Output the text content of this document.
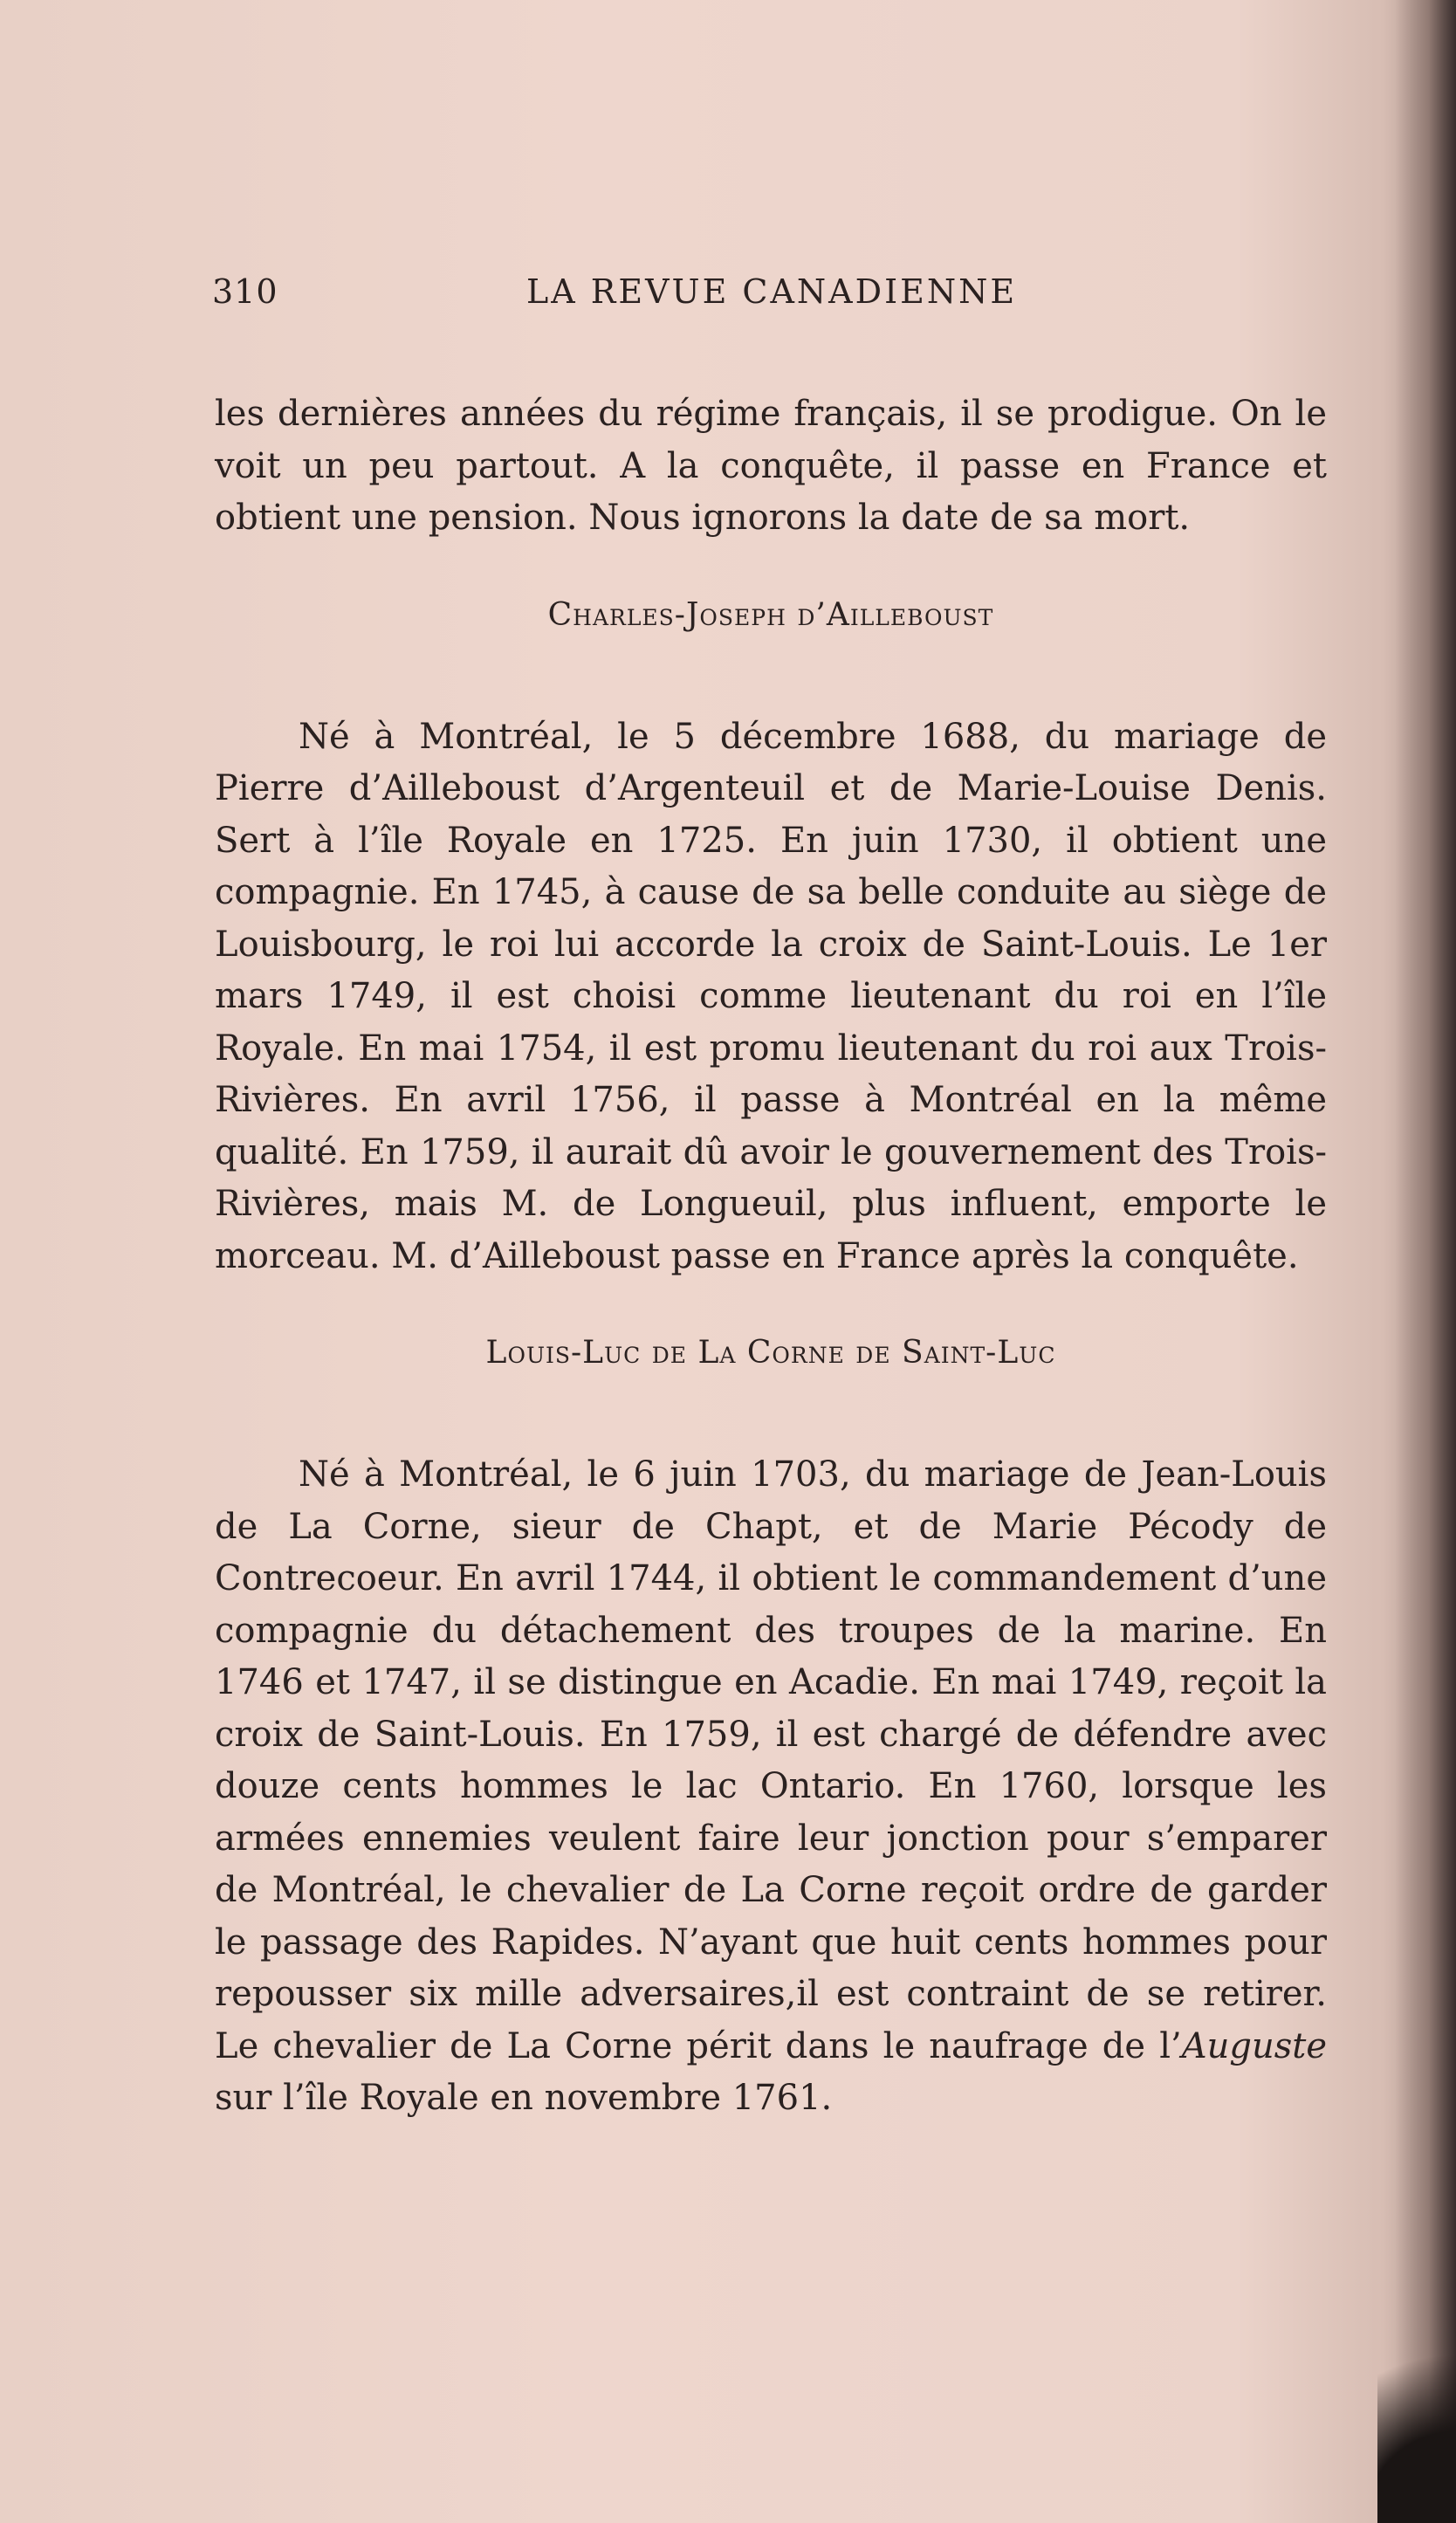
310	LA REVUE CANADIENNE

les dernières années du régime français, il se prodigue. On le voit un peu partout. A la conquête, il passe en France et obtient une pension. Nous ignorons la date de sa mort.

Charles-Joseph d’Ailleboust

Né à Montréal, le 5 décembre 1688, du mariage de Pierre d’Ailleboust d’Argenteuil et de Marie-Louise Denis. Sert à l’île Royale en 1725. En juin 1730, il obtient une compagnie. En 1745, à cause de sa belle conduite au siège de Louisbourg, le roi lui accorde la croix de Saint-Louis. Le 1er mars 1749, il est choisi comme lieutenant du roi en l’île Royale. En mai 1754, il est promu lieutenant du roi aux Trois-Rivières. En avril 1756, il passe à Montréal en la même qualité. En 1759, il aurait dû avoir le gouvernement des Trois-Rivières, mais M. de Longueuil, plus influent, emporte le morceau. M. d’Ailleboust passe en France après la conquête.

Louis-Luc de La Corne de Saint-Luc

Né à Montréal, le 6 juin 1703, du mariage de Jean-Louis de La Corne, sieur de Chapt, et de Marie Pécody de Contrecoeur. En avril 1744, il obtient le commandement d’une compagnie du détachement des troupes de la marine. En 1746 et 1747, il se distingue en Acadie. En mai 1749, reçoit la croix de Saint-Louis. En 1759, il est chargé de défendre avec douze cents hommes le lac Ontario. En 1760, lorsque les armées ennemies veulent faire leur jonction pour s’emparer de Montréal, le chevalier de La Corne reçoit ordre de garder le passage des Rapides. N’ayant que huit cents hommes pour repousser six mille adversaires,il est contraint de se retirer. Le chevalier de La Corne périt dans le naufrage de l’Auguste sur l’île Royale en novembre 1761.
